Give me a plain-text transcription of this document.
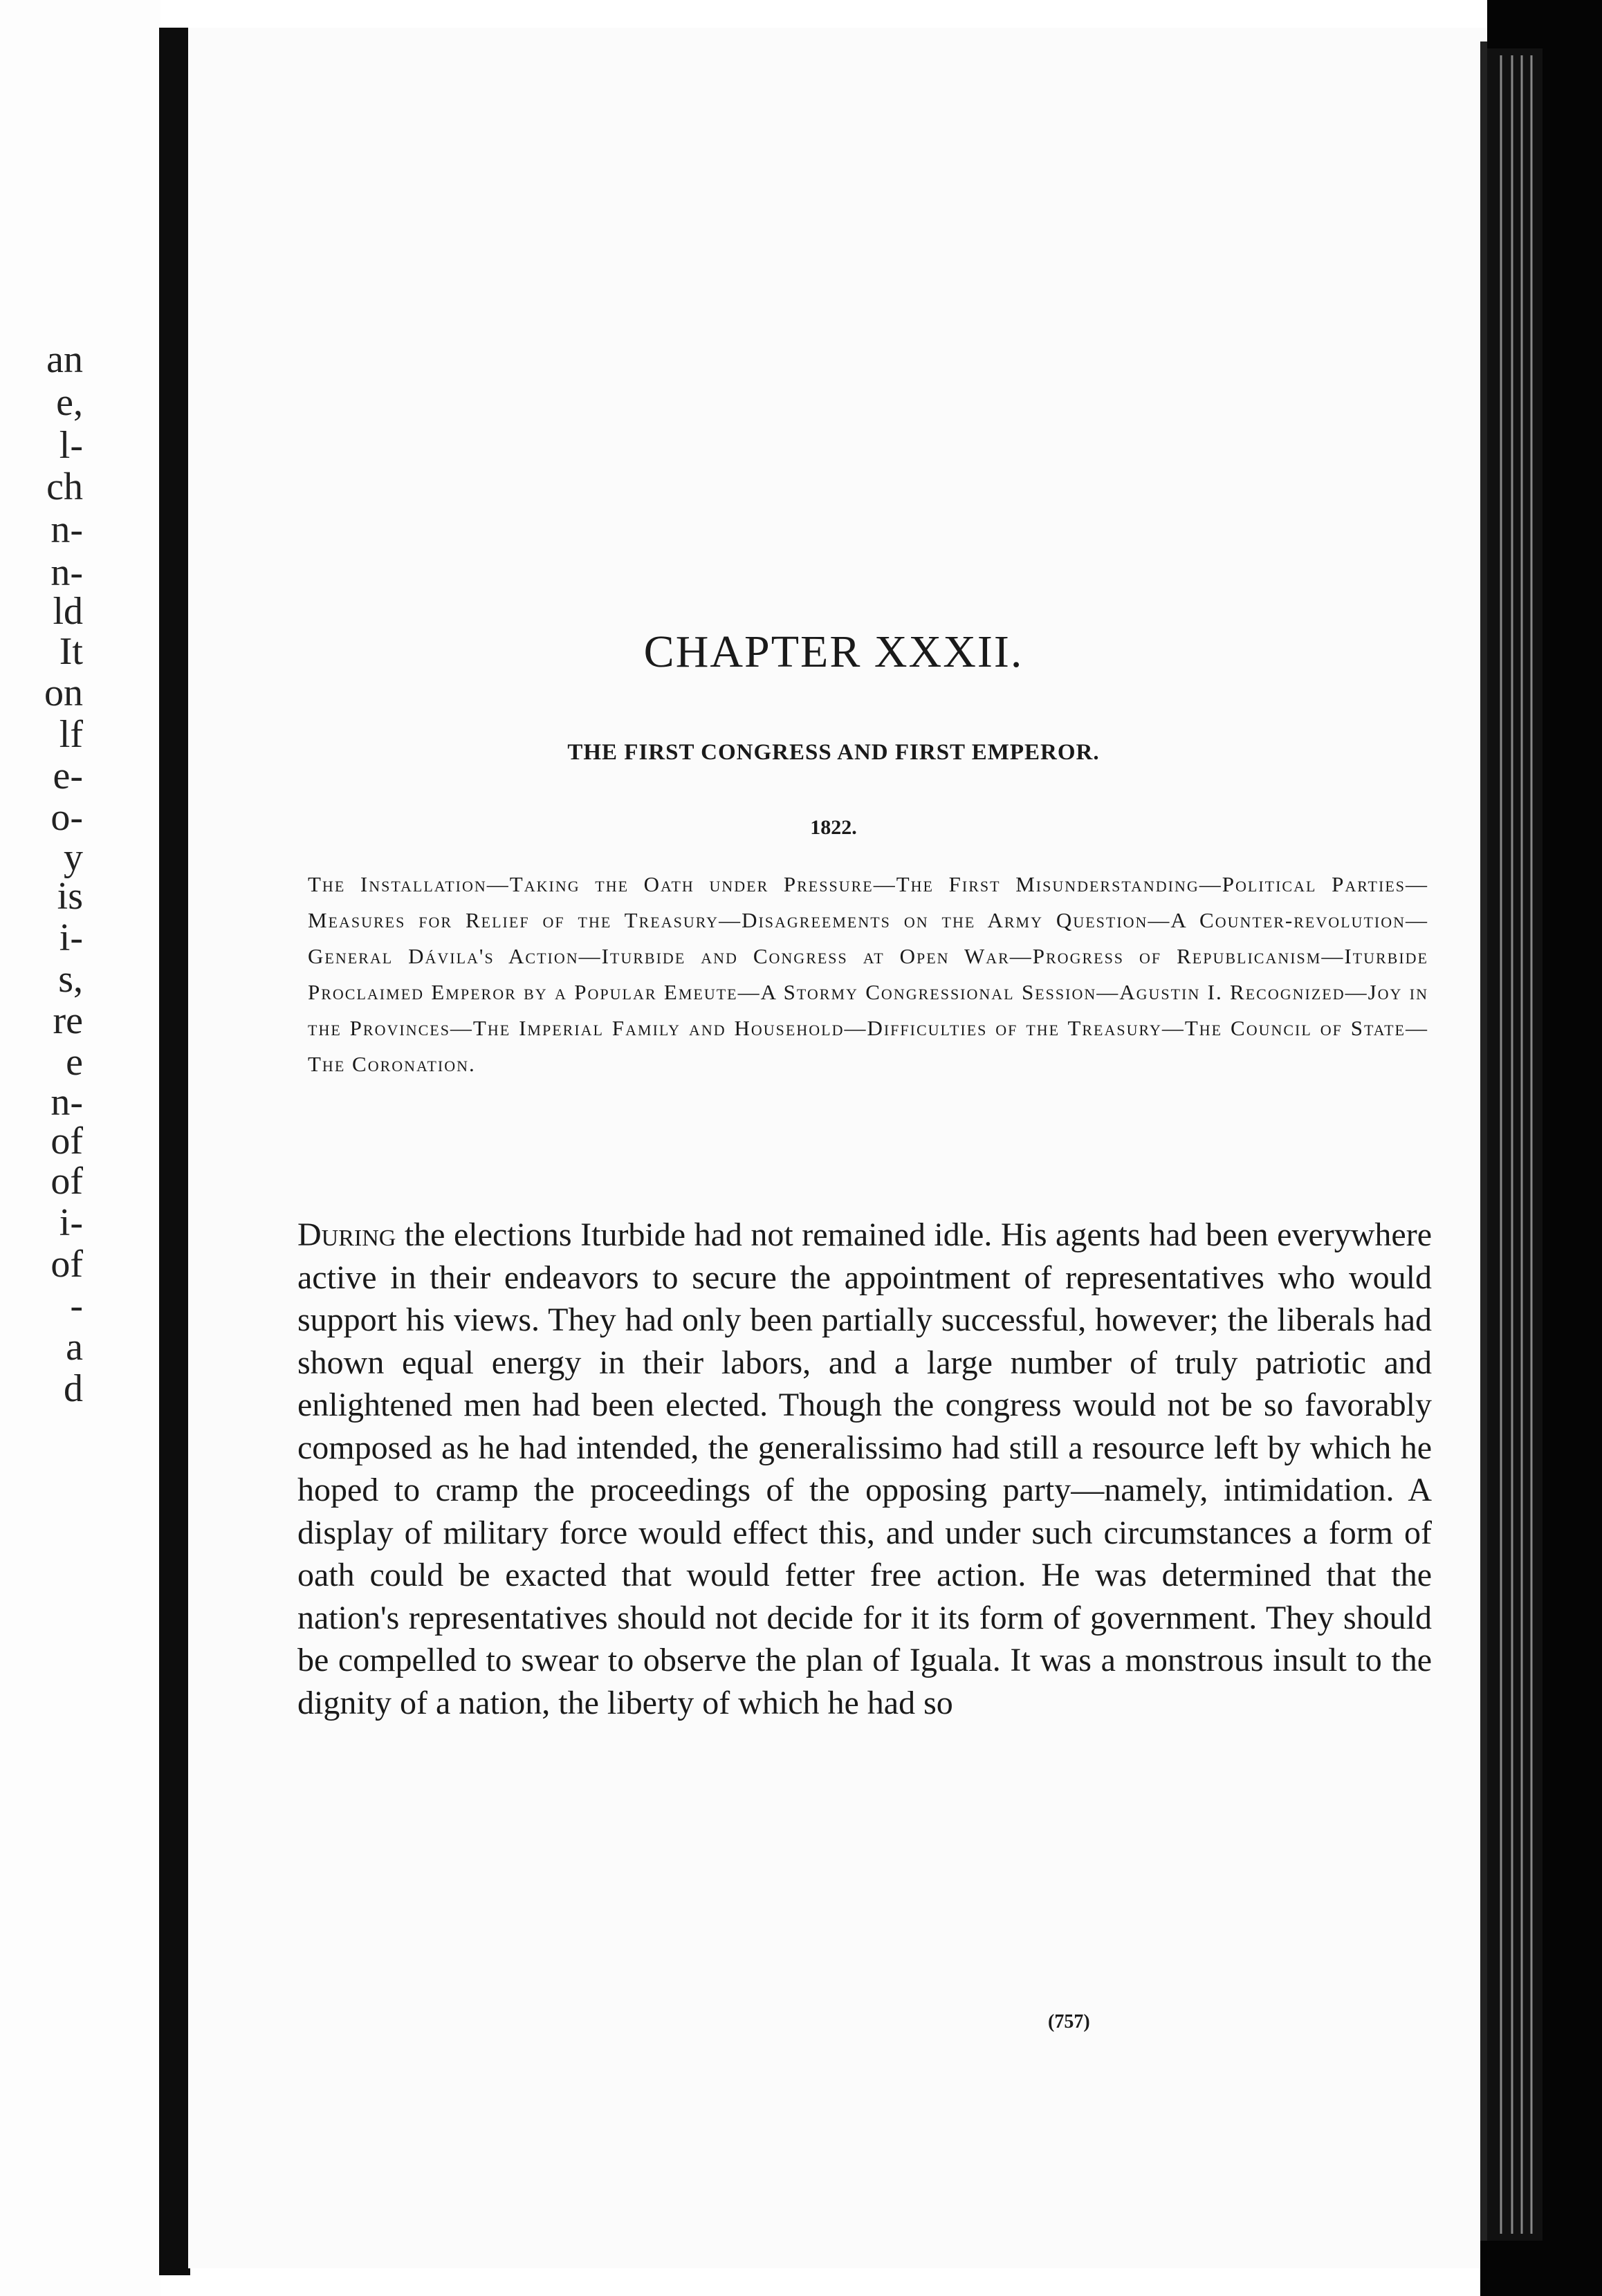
an
e,
l-
ch
n-
n-
ld
It
on
lf
e-
o-
y
is
i-
s,
re
e
n-
of
of
i-
of
-
a
d
CHAPTER XXXII.
THE FIRST CONGRESS AND FIRST EMPEROR.
1822.
The Installation—Taking the Oath under Pressure—The First Misunderstanding—Political Parties—Measures for Relief of the Treasury—Disagreements on the Army Question—A Counter-revolution—General Dávila's Action—Iturbide and Congress at Open War—Progress of Republicanism—Iturbide Proclaimed Emperor by a Popular Emeute—A Stormy Congressional Session—Agustin I. Recognized—Joy in the Provinces—The Imperial Family and Household—Difficulties of the Treasury—The Council of State—The Coronation.
During the elections Iturbide had not remained idle. His agents had been everywhere active in their endeavors to secure the appointment of representatives who would support his views. They had only been partially successful, however; the liberals had shown equal energy in their labors, and a large number of truly patriotic and enlightened men had been elected. Though the congress would not be so favorably composed as he had intended, the generalissimo had still a resource left by which he hoped to cramp the proceedings of the opposing party—namely, intimidation. A display of military force would effect this, and under such circumstances a form of oath could be exacted that would fetter free action. He was determined that the nation's representatives should not decide for it its form of government. They should be compelled to swear to observe the plan of Iguala. It was a monstrous insult to the dignity of a nation, the liberty of which he had so
(757)
